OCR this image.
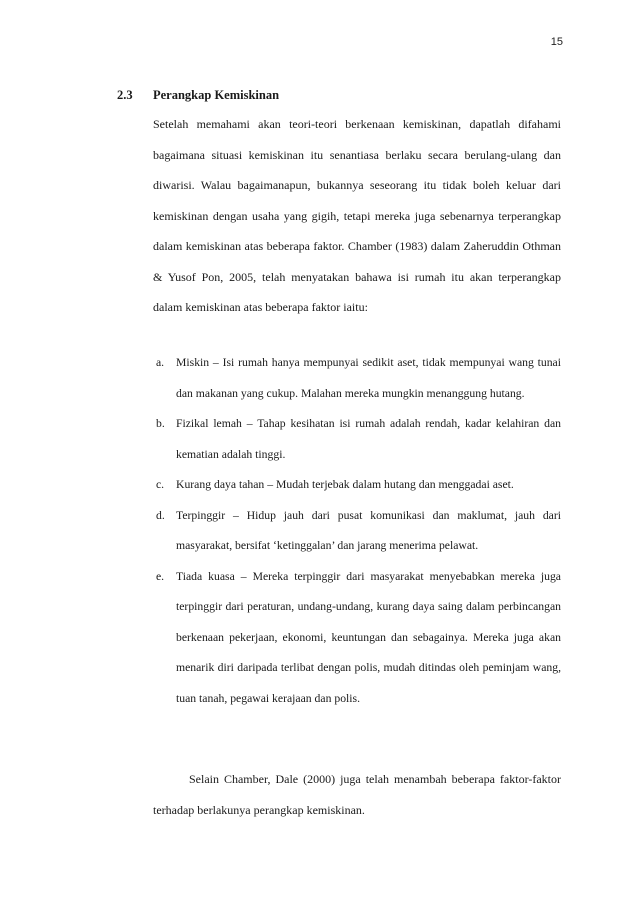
15
2.3 Perangkap Kemiskinan

Setelah memahami akan teori-teori berkenaan kemiskinan, dapatlah difahami bagaimana situasi kemiskinan itu senantiasa berlaku secara berulang-ulang dan diwarisi. Walau bagaimanapun, bukannya seseorang itu tidak boleh keluar dari kemiskinan dengan usaha yang gigih, tetapi mereka juga sebenarnya terperangkap dalam kemiskinan atas beberapa faktor. Chamber (1983) dalam Zaheruddin Othman & Yusof Pon, 2005, telah menyatakan bahawa isi rumah itu akan terperangkap dalam kemiskinan atas beberapa faktor iaitu:

a. Miskin – Isi rumah hanya mempunyai sedikit aset, tidak mempunyai wang tunai dan makanan yang cukup. Malahan mereka mungkin menanggung hutang.
b. Fizikal lemah – Tahap kesihatan isi rumah adalah rendah, kadar kelahiran dan kematian adalah tinggi.
c. Kurang daya tahan – Mudah terjebak dalam hutang dan menggadai aset.
d. Terpinggir – Hidup jauh dari pusat komunikasi dan maklumat, jauh dari masyarakat, bersifat ‘ketinggalan’ dan jarang menerima pelawat.
e. Tiada kuasa – Mereka terpinggir dari masyarakat menyebabkan mereka juga terpinggir dari peraturan, undang-undang, kurang daya saing dalam perbincangan berkenaan pekerjaan, ekonomi, keuntungan dan sebagainya. Mereka juga akan menarik diri daripada terlibat dengan polis, mudah ditindas oleh peminjam wang, tuan tanah, pegawai kerajaan dan polis.

Selain Chamber, Dale (2000) juga telah menambah beberapa faktor-faktor terhadap berlakunya perangkap kemiskinan.
